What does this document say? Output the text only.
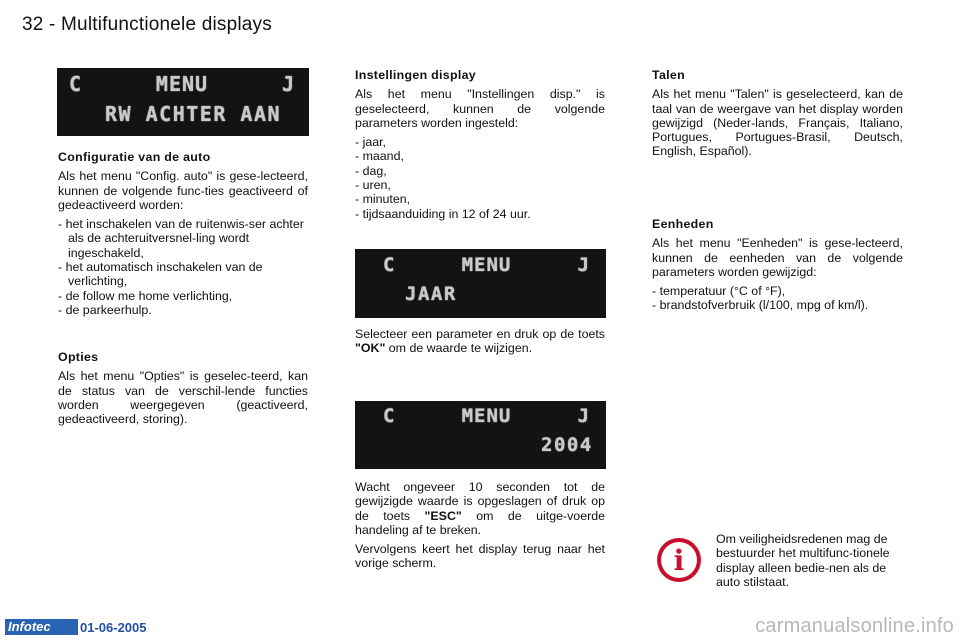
32 - Multifunctionele displays
C	MENU	J
RW ACHTER AAN
Configuratie van de auto

Als het menu "Config. auto" is gese-lecteerd, kunnen de volgende func-ties geactiveerd of gedeactiveerd worden:

- het inschakelen van de ruitenwis-ser achter als de achteruitversnel-ling wordt ingeschakeld,
- het automatisch inschakelen van de verlichting,
- de follow me home verlichting,
- de parkeerhulp.
Opties

Als het menu "Opties" is geselec-teerd, kan de status van de verschil-lende functies worden weergegeven (geactiveerd, gedeactiveerd, storing).

Instellingen display

Als het menu "Instellingen disp." is geselecteerd, kunnen de volgende parameters worden ingesteld:

- jaar,
- maand,
- dag,
- uren,
- minuten,
- tijdsaanduiding in 12 of 24 uur.
C	MENU	J
JAAR

Selecteer een parameter en druk op de toets "OK" om de waarde te wijzigen.

C	MENU	J
2004

Wacht ongeveer 10 seconden tot de gewijzigde waarde is opgeslagen of druk op de toets "ESC" om de uitge-voerde handeling af te breken.

Vervolgens keert het display terug naar het vorige scherm.

Talen

Als het menu "Talen" is geselecteerd, kan de taal van de weergave van het display worden gewijzigd (Neder-lands, Français, Italiano, Portugues, Portugues-Brasil, Deutsch, English, Español).

Eenheden

Als het menu "Eenheden" is gese-lecteerd, kunnen de eenheden van de volgende parameters worden gewijzigd:

- temperatuur (°C of °F),
- brandstofverbruik (l/100, mpg of km/l).
i

Om veiligheidsredenen mag de bestuurder het multifunc-tionele display alleen bedie-nen als de auto stilstaat.

Infotec	01-06-2005	carmanualsonline.info
